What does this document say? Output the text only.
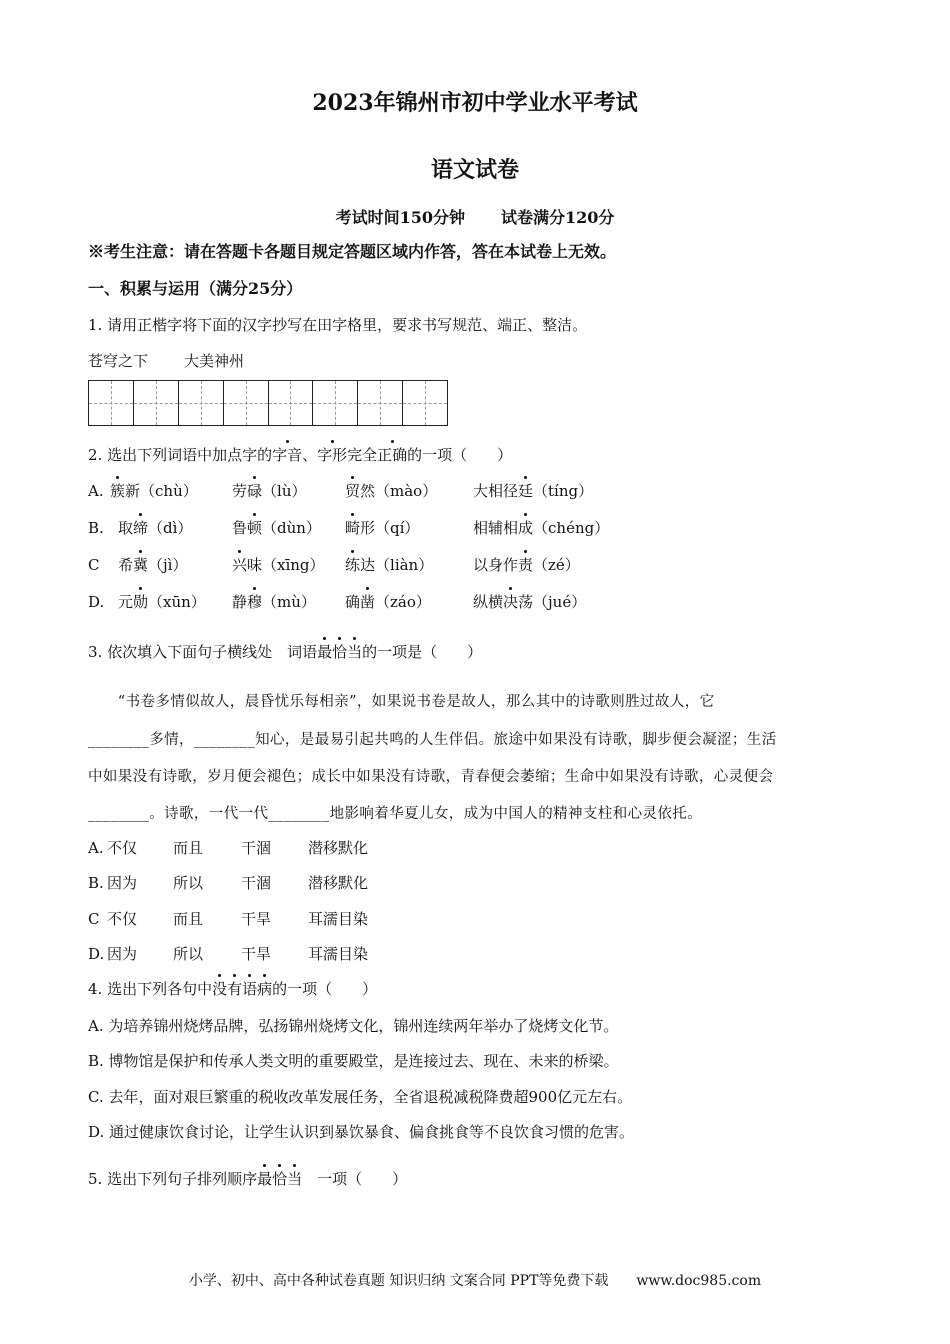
2023年锦州市初中学业水平考试
语文试卷
考试时间150分钟 试卷满分120分
※考生注意：请在答题卡各题目规定答题区域内作答，答在本试卷上无效。
一、积累与运用（满分25分）
1. 请用正楷字将下面的汉字抄写在田字格里，要求书写规范、端正、整洁。
苍穹之下 大美神州
2. 选出下列词语中加点字的字音、字形完全正确的一项（　　）
A. 簇新（chù） 劳碌（lù）	贸然（mào） 大相径廷（tíng）
B. 取缔（dì）	鲁顿（dùn） 畸形（qí）	相辅相成（chéng）
C 希冀（jì）	兴味（xīng） 练达（liàn）	以身作责（zé）
D. 元勋（xūn） 静穆（mù） 确凿（záo）	纵横决荡（jué）
3. 依次填入下面句子横线处　词语最恰当的一项是（　　）
　　“书卷多情似故人，晨昏忧乐每相亲”，如果说书卷是故人，那么其中的诗歌则胜过故人，它
________多情，________知心，是最易引起共鸣的人生伴侣。旅途中如果没有诗歌，脚步便会凝涩；生活
中如果没有诗歌，岁月便会褪色；成长中如果没有诗歌，青春便会萎缩；生命中如果没有诗歌，心灵便会
________。诗歌，一代一代________地影响着华夏儿女，成为中国人的精神支柱和心灵依托。
A. 不仅 而且	干涸 潜移默化
B. 因为 所以	干涸 潜移默化
C 不仅 而且	干旱 耳濡目染
D. 因为 所以	干旱 耳濡目染
4. 选出下列各句中没有语病的一项（　　）
A. 为培养锦州烧烤品牌，弘扬锦州烧烤文化，锦州连续两年举办了烧烤文化节。
B. 博物馆是保护和传承人类文明的重要殿堂，是连接过去、现在、未来的桥梁。
C. 去年，面对艰巨繁重的税收改革发展任务，全省退税减税降费超900亿元左右。
D. 通过健康饮食讨论，让学生认识到暴饮暴食、偏食挑食等不良饮食习惯的危害。
5. 选出下列句子排列顺序最恰当　一项（　　）
小学、初中、高中各种试卷真题 知识归纳 文案合同 PPT等免费下载　　www.doc985.com
